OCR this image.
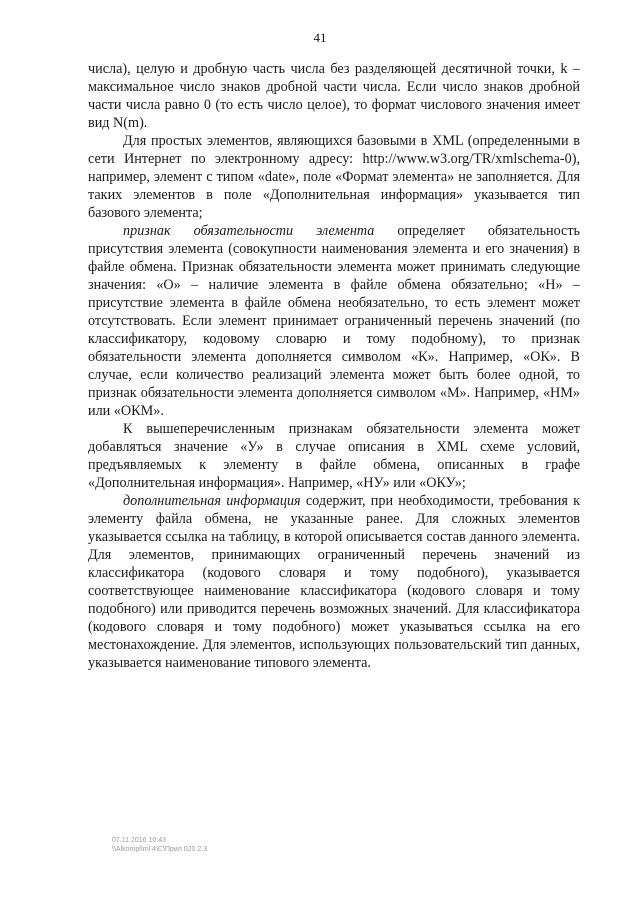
41

числа), целую и дробную часть числа без разделяющей десятичной точки, k – максимальное число знаков дробной части числа. Если число знаков дробной части числа равно 0 (то есть число целое), то формат числового значения имеет вид N(m).

Для простых элементов, являющихся базовыми в XML (определенными в сети Интернет по электронному адресу: http://www.w3.org/TR/xmlschema-0), например, элемент с типом «date», поле «Формат элемента» не заполняется. Для таких элементов в поле «Дополнительная информация» указывается тип базового элемента;

признак обязательности элемента определяет обязательность присутствия элемента (совокупности наименования элемента и его значения) в файле обмена. Признак обязательности элемента может принимать следующие значения: «О» – наличие элемента в файле обмена обязательно; «Н» – присутствие элемента в файле обмена необязательно, то есть элемент может отсутствовать. Если элемент принимает ограниченный перечень значений (по классификатору, кодовому словарю и тому подобному), то признак обязательности элемента дополняется символом «К». Например, «ОК». В случае, если количество реализаций элемента может быть более одной, то признак обязательности элемента дополняется символом «М». Например, «НМ» или «ОКМ».

К вышеперечисленным признакам обязательности элемента может добавляться значение «У» в случае описания в XML схеме условий, предъявляемых к элементу в файле обмена, описанных в графе «Дополнительная информация». Например, «НУ» или «ОКУ»;

дополнительная информация содержит, при необходимости, требования к элементу файла обмена, не указанные ранее. Для сложных элементов указывается ссылка на таблицу, в которой описывается состав данного элемента. Для элементов, принимающих ограниченный перечень значений из классификатора (кодового словаря и тому подобного), указывается соответствующее наименование классификатора (кодового словаря и тому подобного) или приводится перечень возможных значений. Для классификатора (кодового словаря и тому подобного) может указываться ссылка на его местонахождение. Для элементов, использующих пользовательский тип данных, указывается наименование типового элемента.

07.11.2016 10:43
\\Alkompl\ml 4\С\Прил 020 2.3
